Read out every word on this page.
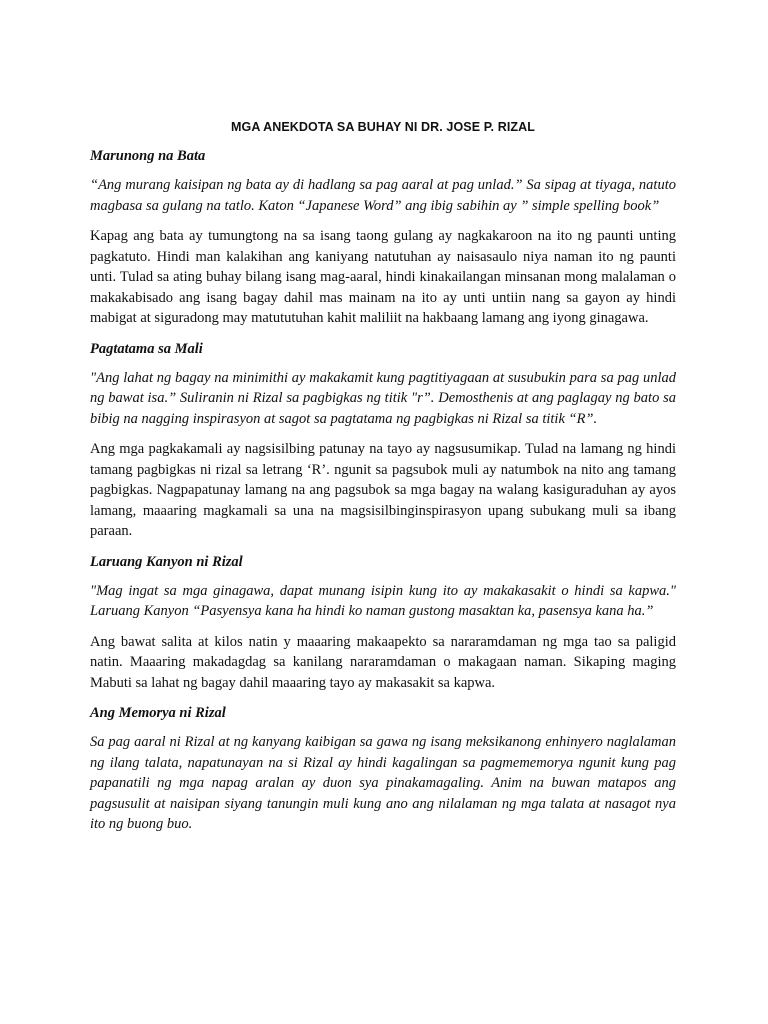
MGA ANEKDOTA SA BUHAY NI DR. JOSE P. RIZAL
Marunong na Bata

“Ang murang kaisipan ng bata ay di hadlang sa pag aaral at pag unlad.” Sa sipag at tiyaga, natuto magbasa sa gulang na tatlo. Katon “Japanese Word” ang ibig sabihin ay ” simple spelling book”

Kapag ang bata ay tumungtong na sa isang taong gulang ay nagkakaroon na ito ng paunti unting pagkatuto. Hindi man kalakihan ang kaniyang natutuhan ay naisasaulo niya naman ito ng paunti unti. Tulad sa ating buhay bilang isang mag-aaral, hindi kinakailangan minsanan mong malalaman o makakabisado ang isang bagay dahil mas mainam na ito ay unti untiin nang sa gayon ay hindi mabigat at siguradong may matututuhan kahit maliliit na hakbaang lamang ang iyong ginagawa.

Pagtatama sa Mali

"Ang lahat ng bagay na minimithi ay makakamit kung pagtitiyagaan at susubukin para sa pag unlad ng bawat isa.” Suliranin ni Rizal sa pagbigkas ng titik "r”. Demosthenis at ang paglagay ng bato sa bibig na nagging inspirasyon at sagot sa pagtatama ng pagbigkas ni Rizal sa titik “R”.

Ang mga pagkakamali ay nagsisilbing patunay na tayo ay nagsusumikap. Tulad na lamang ng hindi tamang pagbigkas ni rizal sa letrang ‘R’. ngunit sa pagsubok muli ay natumbok na nito ang tamang pagbigkas. Nagpapatunay lamang na ang pagsubok sa mga bagay na walang kasiguraduhan ay ayos lamang, maaaring magkamali sa una na magsisilbinginspirasyon upang subukang muli sa ibang paraan.

Laruang Kanyon ni Rizal

"Mag ingat sa mga ginagawa, dapat munang isipin kung ito ay makakasakit o hindi sa kapwa." Laruang Kanyon “Pasyensya kana ha hindi ko naman gustong masaktan ka, pasensya kana ha.”

Ang bawat salita at kilos natin y maaaring makaapekto sa nararamdaman ng mga tao sa paligid natin. Maaaring makadagdag sa kanilang nararamdaman o makagaan naman. Sikaping maging Mabuti sa lahat ng bagay dahil maaaring tayo ay makasakit sa kapwa.

Ang Memorya ni Rizal

Sa pag aaral ni Rizal at ng kanyang kaibigan sa gawa ng isang meksikanong enhinyero naglalaman ng ilang talata, napatunayan na si Rizal ay hindi kagalingan sa pagmememorya ngunit kung pag papanatili ng mga napag aralan ay duon sya pinakamagaling. Anim na buwan matapos ang pagsusulit at naisipan siyang tanungin muli kung ano ang nilalaman ng mga talata at nasagot nya ito ng buong buo.
